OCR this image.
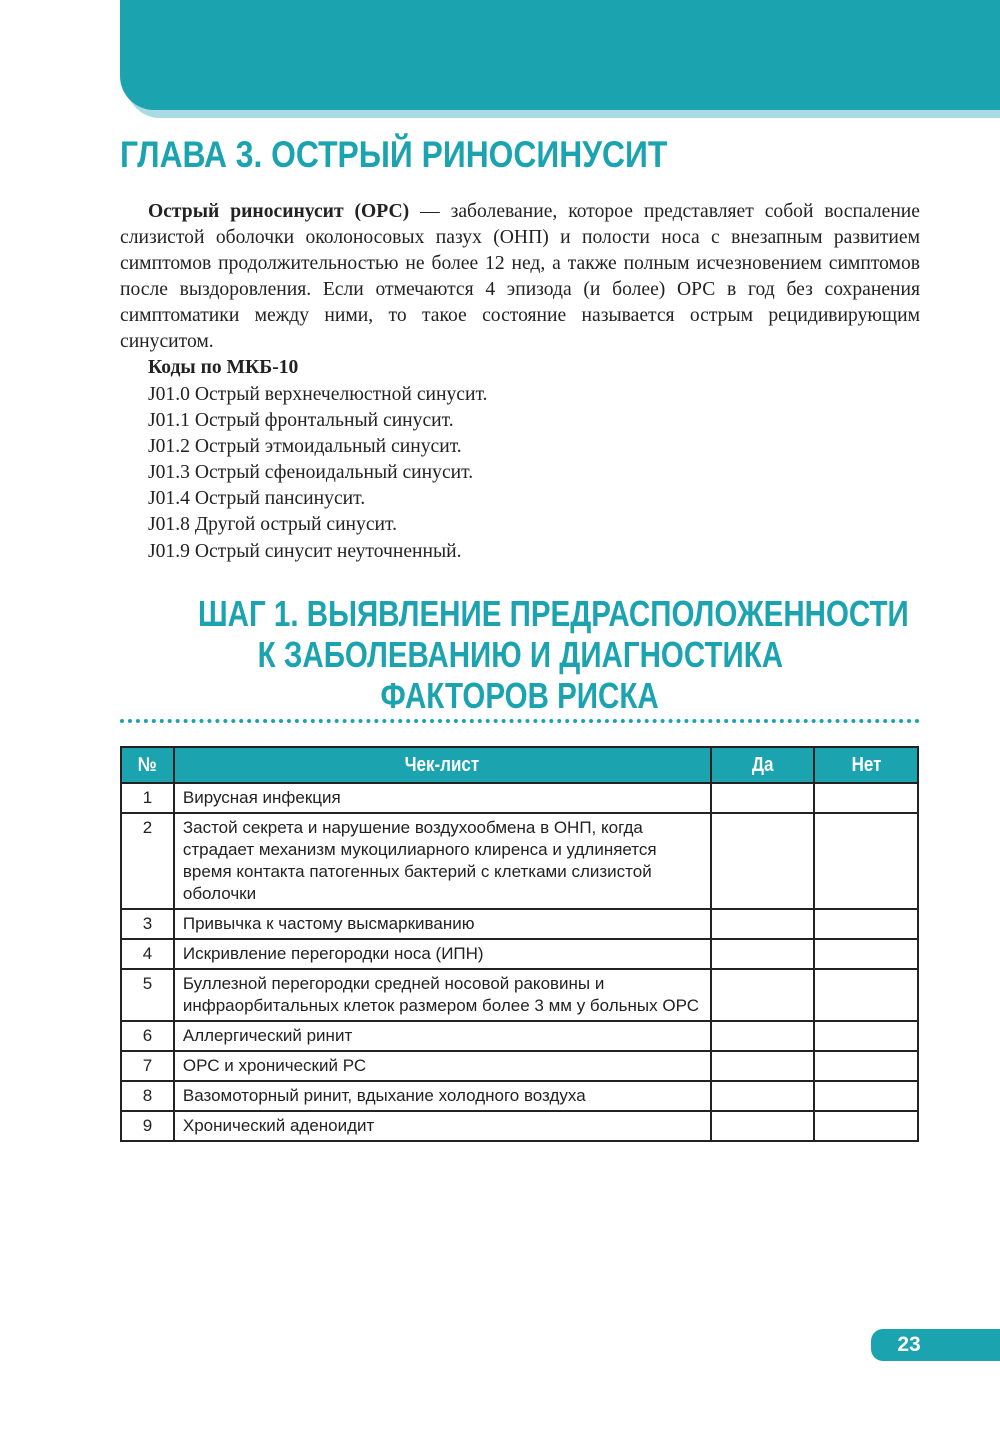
ГЛАВА 3. ОСТРЫЙ РИНОСИНУСИТ

Острый риносинусит (ОРС) — заболевание, которое представляет собой воспаление слизистой оболочки околоносовых пазух (ОНП) и полости носа с внезапным развитием симптомов продолжительностью не более 12 нед, а также полным исчезновением симптомов после выздоровления. Если отмечаются 4 эпизода (и более) ОРС в год без сохранения симптоматики между ними, то такое состояние называется острым рецидивирующим синуситом.

Коды по МКБ-10

J01.0 Острый верхнечелюстной синусит.
J01.1 Острый фронтальный синусит.
J01.2 Острый этмоидальный синусит.
J01.3 Острый сфеноидальный синусит.
J01.4 Острый пансинусит.
J01.8 Другой острый синусит.
J01.9 Острый синусит неуточненный.
ШАГ 1. ВЫЯВЛЕНИЕ ПРЕДРАСПОЛОЖЕННОСТИ
К ЗАБОЛЕВАНИЮ И ДИАГНОСТИКА
ФАКТОРОВ РИСКА
№	Чек-лист	Да	Нет
1	Вирусная инфекция		
2	Застой секрета и нарушение воздухообмена в ОНП, когда страдает механизм мукоцилиарного клиренса и удлиняется время контакта патогенных бактерий с клетками слизистой оболочки		
3	Привычка к частому высмаркиванию		
4	Искривление перегородки носа (ИПН)		
5	Буллезной перегородки средней носовой раковины и инфраорбитальных клеток размером более 3 мм у больных ОРС		
6	Аллергический ринит		
7	ОРС и хронический РС		
8	Вазомоторный ринит, вдыхание холодного воздуха		
9	Хронический аденоидит		
23
